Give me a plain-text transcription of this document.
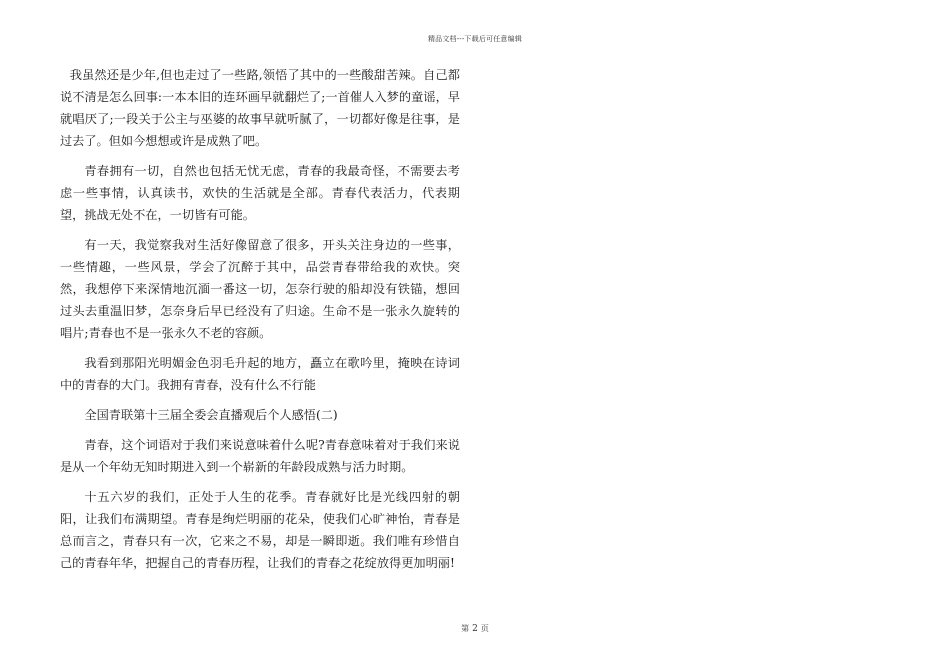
精品文档---下载后可任意编辑

我虽然还是少年,但也走过了一些路,领悟了其中的一些酸甜苦辣。自己都说不清是怎么回事:一本本旧的连环画早就翻烂了;一首催人入梦的童谣，早就唱厌了;一段关于公主与巫婆的故事早就听腻了，一切都好像是往事，是过去了。但如今想想或许是成熟了吧。

青春拥有一切，自然也包括无忧无虑，青春的我最奇怪，不需要去考虑一些事情，认真读书，欢快的生活就是全部。青春代表活力，代表期望，挑战无处不在，一切皆有可能。

有一天，我觉察我对生活好像留意了很多，开头关注身边的一些事，一些情趣，一些风景，学会了沉醉于其中，品尝青春带给我的欢快。突然，我想停下来深情地沉湎一番这一切，怎奈行驶的船却没有铁锚，想回过头去重温旧梦，怎奈身后早已经没有了归途。生命不是一张永久旋转的唱片;青春也不是一张永久不老的容颜。

我看到那阳光明媚金色羽毛升起的地方，矗立在歌吟里，掩映在诗词中的青春的大门。我拥有青春，没有什么不行能

全国青联第十三届全委会直播观后个人感悟(二)

青春，这个词语对于我们来说意味着什么呢?青春意味着对于我们来说是从一个年幼无知时期进入到一个崭新的年龄段成熟与活力时期。

十五六岁的我们，正处于人生的花季。青春就好比是光线四射的朝阳，让我们布满期望。青春是绚烂明丽的花朵，使我们心旷神怡，青春是总而言之，青春只有一次，它来之不易，却是一瞬即逝。我们唯有珍惜自己的青春年华，把握自己的青春历程，让我们的青春之花绽放得更加明丽!

第 2 页
